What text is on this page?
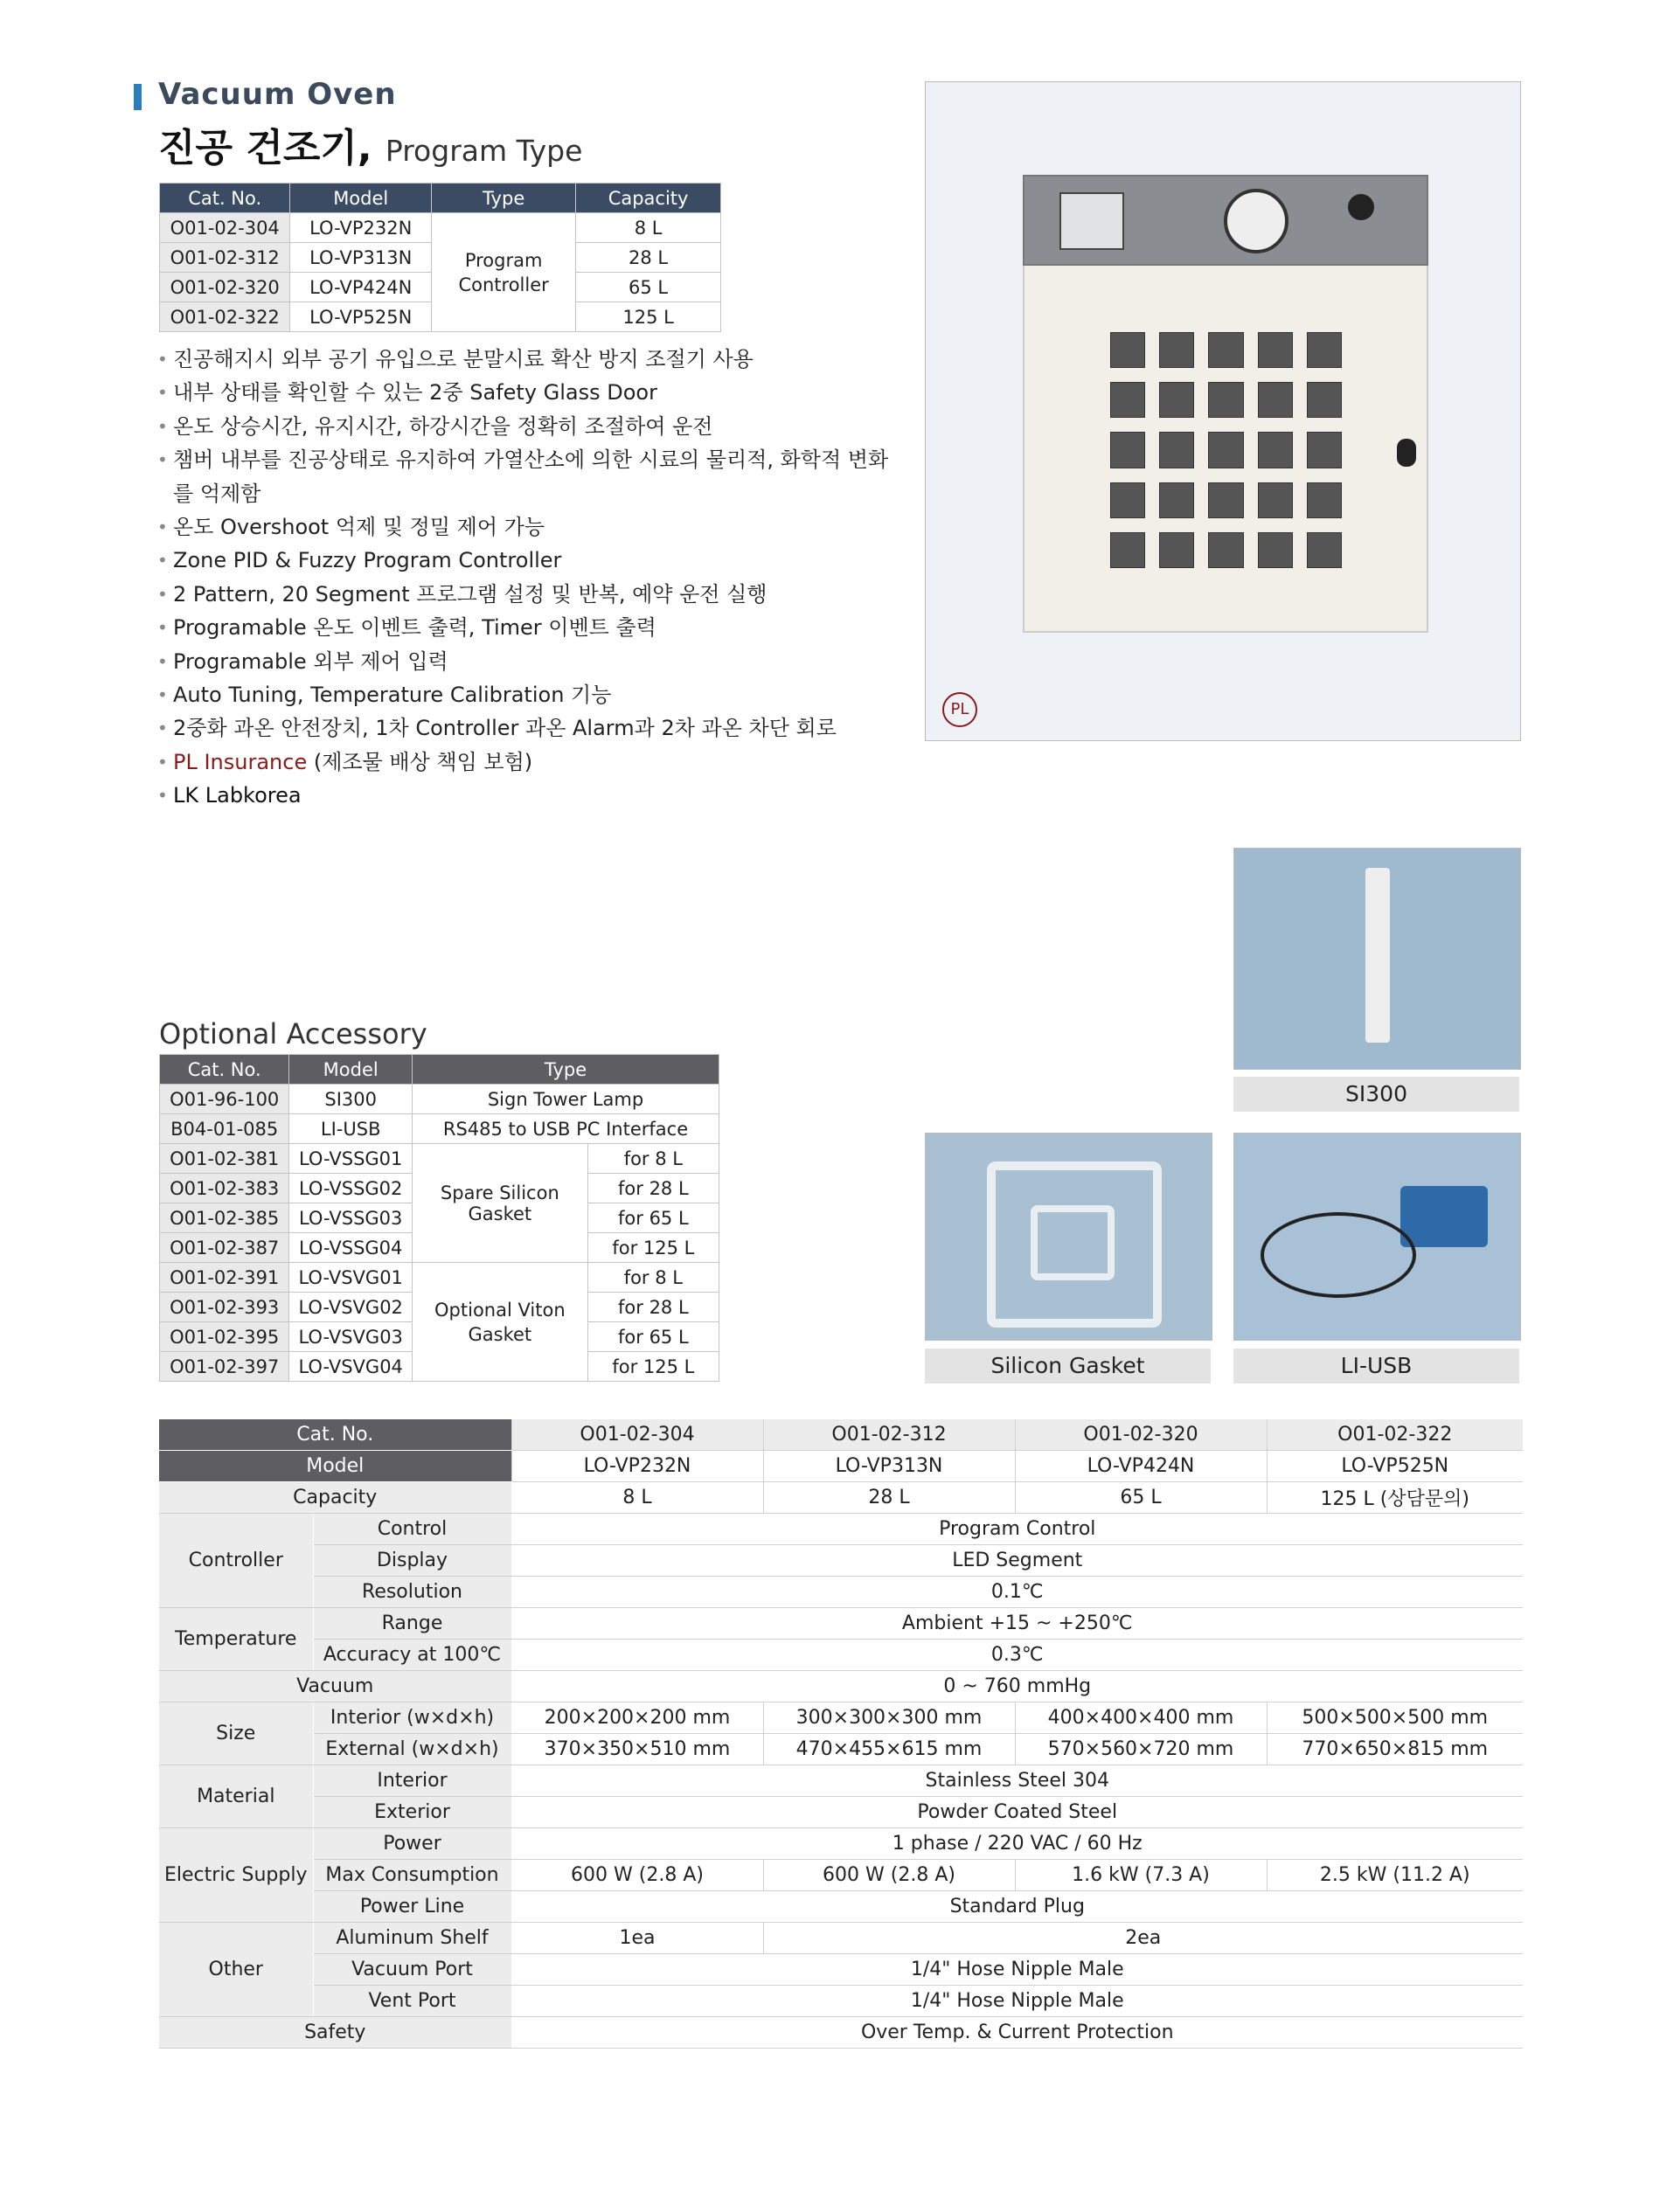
Vacuum Oven
진공 건조기, Program Type
Cat. No.	Model	Type	Capacity
O01-02-304	LO-VP232N	Program Controller	8 L
O01-02-312	LO-VP313N		28 L
O01-02-320	LO-VP424N		65 L
O01-02-322	LO-VP525N		125 L
• 진공해지시 외부 공기 유입으로 분말시료 확산 방지 조절기 사용
• 내부 상태를 확인할 수 있는 2중 Safety Glass Door
• 온도 상승시간, 유지시간, 하강시간을 정확히 조절하여 운전
• 챔버 내부를 진공상태로 유지하여 가열산소에 의한 시료의 물리적, 화학적 변화를 억제함
• 온도 Overshoot 억제 및 정밀 제어 가능
• Zone PID & Fuzzy Program Controller
• 2 Pattern, 20 Segment 프로그램 설정 및 반복, 예약 운전 실행
• Programable 온도 이벤트 출력, Timer 이벤트 출력
• Programable 외부 제어 입력
• Auto Tuning, Temperature Calibration 기능
• 2중화 과온 안전장치, 1차 Controller 과온 Alarm과 2차 과온 차단 회로
• PL Insurance (제조물 배상 책임 보험)
• LK Labkorea
PL
Optional Accessory
Cat. No.	Model	Type	
O01-96-100	SI300	Sign Tower Lamp	
B04-01-085	LI-USB	RS485 to USB PC Interface	
O01-02-381	LO-VSSG01	Spare Silicon Gasket	for 8 L
O01-02-383	LO-VSSG02		for 28 L
O01-02-385	LO-VSSG03		for 65 L
O01-02-387	LO-VSSG04		for 125 L
O01-02-391	LO-VSVG01	Optional Viton Gasket	for 8 L
O01-02-393	LO-VSVG02		for 28 L
O01-02-395	LO-VSVG03		for 65 L
O01-02-397	LO-VSVG04		for 125 L
SI300
Silicon Gasket	LI-USB
Cat. No.		O01-02-304	O01-02-312	O01-02-320	O01-02-322
Model		LO-VP232N	LO-VP313N	LO-VP424N	LO-VP525N
Capacity		8 L	28 L	65 L	125 L (상담문의)
Controller	Control	Program Control			
	Display	LED Segment			
	Resolution	0.1℃			
Temperature	Range	Ambient +15 ~ +250℃			
	Accuracy at 100℃	0.3℃			
Vacuum		0 ~ 760 mmHg			
Size	Interior (w×d×h)	200×200×200 mm	300×300×300 mm	400×400×400 mm	500×500×500 mm
	External (w×d×h)	370×350×510 mm	470×455×615 mm	570×560×720 mm	770×650×815 mm
Material	Interior	Stainless Steel 304			
	Exterior	Powder Coated Steel			
Electric Supply	Power	1 phase / 220 VAC / 60 Hz			
	Max Consumption	600 W (2.8 A)	600 W (2.8 A)	1.6 kW (7.3 A)	2.5 kW (11.2 A)
	Power Line	Standard Plug			
Other	Aluminum Shelf	1ea	2ea		
	Vacuum Port	1/4" Hose Nipple Male			
	Vent Port	1/4" Hose Nipple Male			
Safety		Over Temp. & Current Protection			
